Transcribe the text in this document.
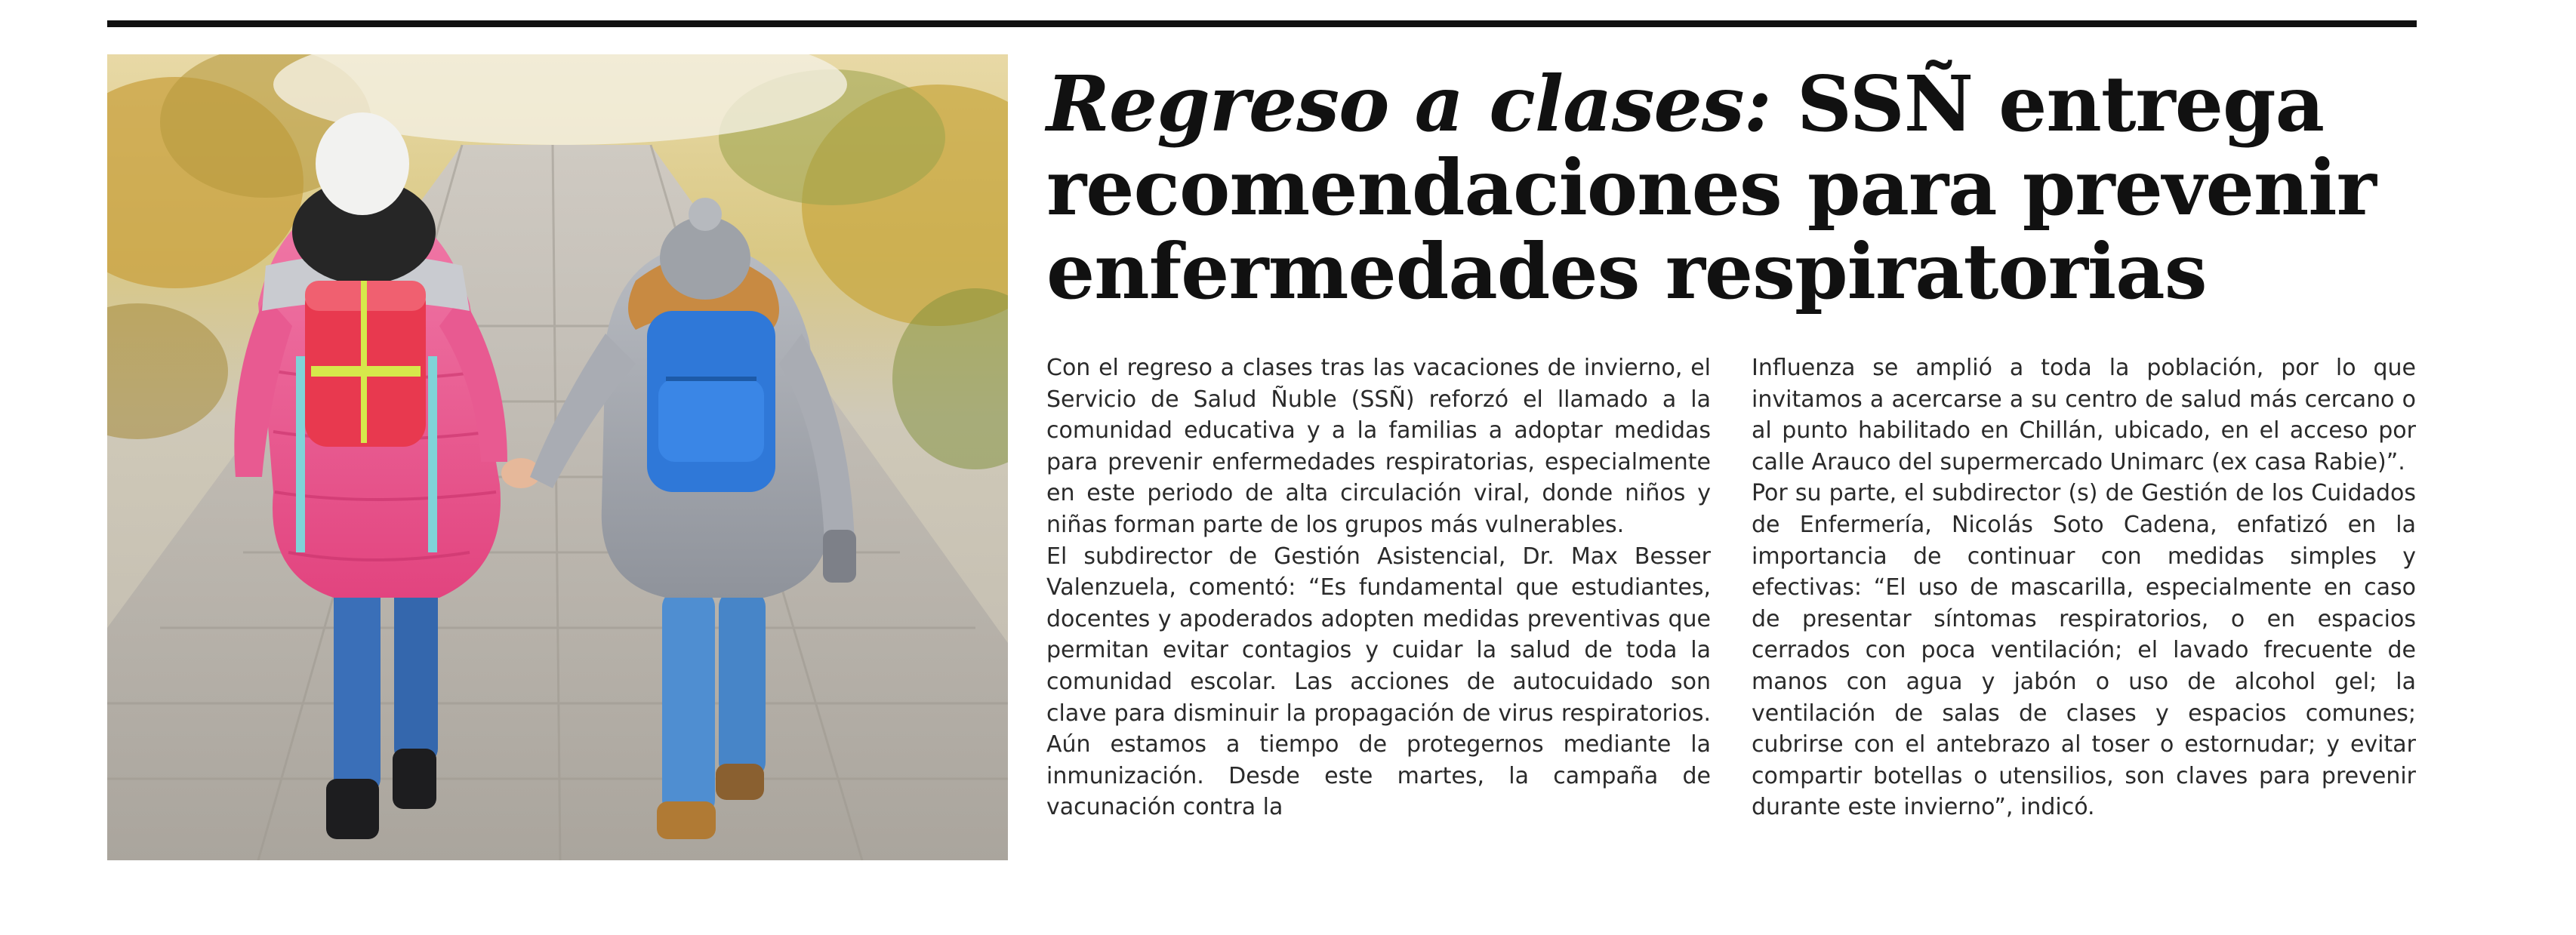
Regreso a clases: SSÑ entrega recomendaciones para prevenir enfermedades respiratorias

Con el regreso a clases tras las vacaciones de invierno, el Servicio de Salud Ñuble (SSÑ) reforzó el llamado a la comunidad educativa y a la familias a adoptar medidas para prevenir enfermedades respiratorias, especialmente en este periodo de alta circulación viral, donde niños y niñas forman parte de los grupos más vulnerables.

El subdirector de Gestión Asistencial, Dr. Max Besser Valenzuela, comentó: “Es fundamental que estudiantes, docentes y apoderados adopten medidas preventivas que permitan evitar contagios y cuidar la salud de toda la comunidad escolar. Las acciones de autocuidado son clave para disminuir la propagación de virus respiratorios. Aún estamos a tiempo de protegernos mediante la inmunización. Desde este martes, la campaña de vacunación contra la

Influenza se amplió a toda la población, por lo que invitamos a acercarse a su centro de salud más cercano o al punto habilitado en Chillán, ubicado, en el acceso por calle Arauco del supermercado Unimarc (ex casa Rabie)”.

Por su parte, el subdirector (s) de Gestión de los Cuidados de Enfermería, Nicolás Soto Cadena, enfatizó en la importancia de continuar con medidas simples y efectivas: “El uso de mascarilla, especialmente en caso de presentar síntomas respiratorios, o en espacios cerrados con poca ventilación; el lavado frecuente de manos con agua y jabón o uso de alcohol gel; la ventilación de salas de clases y espacios comunes; cubrirse con el antebrazo al toser o estornudar; y evitar compartir botellas o utensilios, son claves para prevenir durante este invierno”, indicó.
